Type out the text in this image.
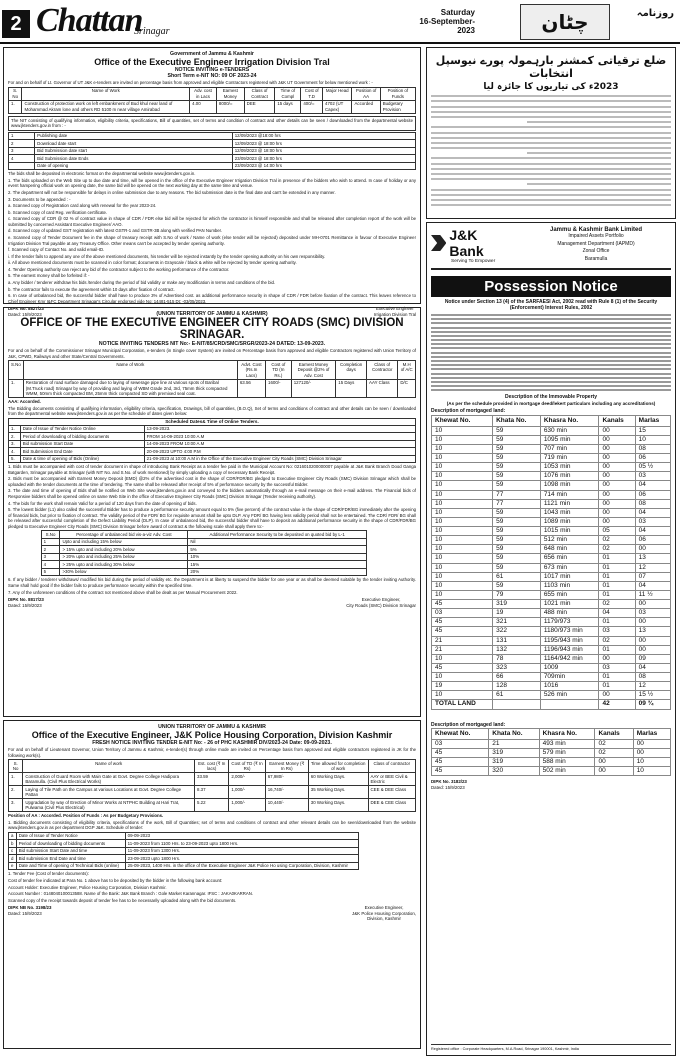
2 Chattan
Srinagar
Saturday
16-September-2023	چٹان	روزنامہ
Government of Jammu & Kashmir
Office of the Executive Engineer Irrigation Division Tral
NOTICE INVITING e-TENDERS
Short Term e-NIT NO: 09 OF 2023-24
For and on behalf of Lt. Governor of UT J&K e-tenders are invited on percentage basis from approved and eligible Contractors registered with J&K UT Government for below mentioned work : -
S. No	Name of Work	Adv. cost in Lacs	Earnest Money	Class of Contract	Time of Compl	Cost of T.D	Major Head	Position of AA	Position of Funds
1.	Construction of protection work on left embankment of Bud khul near land of Mohammad Akram lone and others RD 5100 m near village Amirabad	4.00	8000/=	DEE	15 days	400/=	4702 (UT Capex)	Accorded	Budgetary Provision
The NIT consisting of qualifying information, eligibility criteria, specifications, Bill of quantities, set of terms and condition of contract and other details can be seen / downloaded from the departmental website www.jktenders.gov.in from : -
1	Publishing date	12/09/2023 @18:00 hrs
2	Download date start	12/09/2023 @ 18:00 hrs
3	Bid Submission date start	12/09/2023 @ 18:00 hrs
4	Bid Submission date Ends	23/09/2023 @ 18:00 hrs
	Date of opening	23/09/2023 @ 14:00 hrs
The bids shall be deposited in electronic format on the departmental website www.jktenders.gov.in.
1. The bids uploaded on the Web Site up to due date and time, will be opened in the office of the Executive Engineer Irrigation Division Tral in presence of the bidders who wish to attend. In case of holiday or any event hampering official work on opening date, the same bid will be opened on the next working day at the same time and venue.
2. The department will not be responsible for delays in online submission due to any reasons. The bid submission date is the final date and can't be extended in any manner.
3. Documents to be appended : -
a. Scanned copy of Registration card along with renewal for the year 2023-24.
b. Scanned copy of card Reg. verification certificate.
c. Scanned copy of CDR @ 02 % of contract value in shape of CDR / FDR else bid will be rejected for which the contractor is himself responsible and shall be released after completion report of the work will be submitted by concerned Assistant Executive Engineer/ AAO.
d. Scanned copy of updated GST registration with latest GSTR-1 and GSTR-3B along with verified PAN Number.
e. Scanned copy of Tender Document fee in the shape of treasury receipt with S.No of work / Name of work (else tender will be rejected) deposited under MH-0701 Remittance in favour of Executive Engineer Irrigation Division Tral payable at any Treasury Office. Other means can't be accepted by tender opening authority.
f. Scanned copy of Contact No. and valid email-ID.
i. If the tender fails to append any one of the above mentioned documents, his tender will be rejected instantly by the tender opening authority on his own responsibility.
ii. All above mentioned documents must be scanned in color format; documents in Grayscale / black & white will be rejected by tender opening authority.
4. Tender Opening authority can reject any bid of the contractor subject to the working performance of the contractor.
5. The earnest money shall be forfeited if: -
a. Any bidder / tenderer withdraw his bids /tender during the period of bid validity or make any modification in terms and conditions of the bid.
b. The contractor fails to execute the agreement within 10 days after fixation of contract.
6. In case of unbalanced bid, the successful bidder shall have to produce 3% of Advertised cost. as additional performance security in shape of CDR / FDR before fixation of the contract. This leaves reference to Chief Engineer Kmr I&FC Department Srinagar's Circular endorsed vide No: 14481-515 Dt: -03/05/2023.
DIPK No. 8827/23
Dated: 15/9/2023
Executive Engineer
Irrigation Division Tral
(UNION TERRITORY OF JAMMU & KASHMIR)
OFFICE OF THE EXECUTIVE ENGINEER CITY ROADS (SMC) DIVISION SRINAGAR.
NOTICE INVITING TENDERS NIT No:- E-NIT/85/CRD/SMC/SRGR/2023-24 DATED: 13-09-2023.
For and on behalf of the Commissioner Srinagar Municipal Corporation, e-tenders (in Single cover System) are invited on Percentage basis from approved and eligible Contractors registered with Union Territory of J&K, CPWD, Railways and other State/Central Governments.
S.No	Name of Work	Advt. Cost (Rs.In Lacs)	Cost of TD (In Rs.)	Earnest Money Deposit @2% of Adv. Cost	Completion days	Class of Contractor	M.H of A/C
1.	Restoration of road surface damaged due to laying of sewerage pipe line at various spots of Baribal (M.Truck road) Srinagar by way of providing and laying of WBM Grade 2nd, 3rd, 75mm thick compacted WMM, 50mm thick compacted BM, 25mm thick compacted SD with premixed seal coat.	63.56	1600/-	127120/-	15 Days	AAY Class	D/C
AAA: Accorded.
The Bidding documents consisting of qualifying information, eligibility criteria, specification, Drawings, bill of quantities, (B.O.Q), Set of terms and conditions of contract and other details can be seen / downloaded from the departmental website www.jktenders.gov.in as per the schedule of dates given below:
Scheduled Dates& Time of Online Tenders.
1.	Date of Issue of Tender Notice Online	13-09-2023.
2.	Period of downloading of bidding documents	FROM 14-09-2023 10:00 A.M
3.	Bid submission Start Date	14-09-2023 FROM 10:00 A.M
4.	Bid Submission End Date	20-09-2023 UPTO 4:00 P.M
5.	Date & time of opening of Bids (Online)	21-09-2023 at 10:00 A.M in the Office of the Executive Engineer City Roads (SMC) Division Srinagar
1. Bids must be accompanied with cost of tender document in shape of introducing Bank Receipt as a tender fee paid in the Municipal Account No: 0216010200000007 payable at J&K Bank Branch Dood Ganga Batgarden, Srinagar payable at Srinagar (with NIT No. and S.No. of work mentioned) by simply uploading a copy of necessary Bank Receipt.
2. Bids must be accompanied with Earnest Money Deposit (EMD) @2% of the advertised cost in the shape of CDR/FDR/BG pledged to Executive Engineer City Roads (SMC) Division Srinagar which shall be uploaded with the tender documents at the time of tendering. The same shall be released after receipt of 5% of performance security by the successful Bidder.
3. The date and time of opening of Bids shall be notified on Web Site www.jktenders.gov.in and conveyed to the bidders automatically through an e-mail message on their e-mail address. The Financial bids of Responsive bidders shall be opened online on same Web Site in the office of Executive Engineer City Roads (SMC) Division Srinagar (Tender receiving authority).
4. The bids for the work shall remain Valid for a period of 120 days from the date of opening of bids.
5. The lowest bidder (L1) also called the successful Bidder has to produce a performance security amount equal to 5% (five percent) of the contract value in the shape of CDR/FDR/BG immediately after the opening of financial bids, but prior to fixation of contract. The validity period of the FDR/ BG for requisite amount shall be upto DLP. Any FDR/ BG having less validity period shall not be entertained. The CDR/ FDR/ BG shall be released after successful completion of the Defect Liability Period (DLP). In case of unbalanced bid, the successful bidder shall have to deposit an additional performance security in the shape of CDR/FDR/BG pledged to Executive Engineer City Roads (SMC) Division Srinagar before award of contract & the following scale shall apply there to:-
S.No	Percentage of unbalanced bid vis-a-viz Adv. Cost	Additional Performance Security to be deposited on quoted bid by L-1
1	Upto and including 15% below	Nil
2	> 15% upto and including 20% below	5%
3	> 20% upto and including 25% below	10%
4	> 25% upto and including 30% below	15%
5	>30% below	20%
6. If any bidder / tenderer withdraws/ modified his bid during the period of validity etc. the Department is at liberty to suspend the bidder for one year or as shall be deemed suitable by the tender inviting Authority. Same shall hold good if the bidder fails to produce performance security within the specified time.
7. Any of the unforeseen conditions of the contract not mentioned above shall be dealt as per Manual Procurement 2022.
DIPK No. 8817/23
Dated: 15/9/2023
Executive Engineer,
City Roads (SMC) Division Srinagar
UNION TERRITORY OF JAMMU & KASHMIR
Office of the Executive Engineer, J&K Police Housing Corporation, Division Kashmir
FRESH NOTICE INVITING TENDER E-NIT No: - 26 of PHC KASHMIR DIV/2023-24 Date: 09-09-2023.
For and on behalf of Lieutenant Governor, Union Territory of Jammu & Kashmir, e-tender(s) through online mode are invited on Percentage basis from approved and eligible contractors registered in JK for the following work(s).
S. No	Name of work	Est. cost (₹ In lacs)	Cost of TD (₹ In Rs)	Earnest Money (₹ In Rs)	Time allowed for completion of work	Class of contractor
1.	Construction of Guard Room with Main Gate at Govt. Degree College Hadipora Baramulla. (Civil Plus Electrical Works)	33.59	2,000/-	67,980/-	60 Working Days.	AAY or BEE Civil & Electric
2.	Laying of Tile Path on the Campus at various Locations at Govt. Degree College Pattan	8.37	1,000/-	16,740/-	35 Working Days.	CEE & DEE Class
3.	Upgradation by way of Erection of Minor Works at NTPHC Building at Hari Trat, Pulwama (Civil Plus Electrical)	5.22	1,000/-	10,440/-	30 Working Days.	DEE & CEE Class
Position of AA : Accorded. Position of Funds : As per Budgetary Provisions.
1. Bidding documents consisting of eligibility criteria, specifications of the work, Bill of Quantities; set of terms and conditions of contract and other relevant details can be seen/downloaded from the website www.jktenders.gov.in as per department DGP J&K. Schedule of tender:
a	Date of Issue of Tender Notice	09-09-2023
b	Period of downloading of bidding documents	11-09-2023 from 1100 Hrs. to 23-09-2023 upto 1800 Hrs.
c	Bid submission Start Date and time	11-09-2023 from 1300 Hrs.
d	Bid submission End Date and time	23-09-2023 upto 1800 Hrs.
e	Date and Time of opening of Technical Bids (online)	25-09-2023, 1400 Hrs. in the office of the Executive Engineer J&K Police Ho using Corporation, Division, Kashmir
1. Tender Fee (Cost of tender documents):
Cost of tender fee indicated at Para No. 1 above has to be deposited by the bidder in the following bank account:
Account Holder: Executive Engineer, Police Housing Corporation, Division Kashmir.
Account Number : 0148040100013588. Name of the Bank: J&K Bank Branch : Gole Market Karannagar. IFSC : JAKA0KARRAN.
Scanned copy of the receipt towards deposit of tender fee has to be necessarily uploaded along with the bid documents.
DIPK NB No. 3198/23
Dated: 15/9/2023
Executive Engineer,
J&K Police Housing Corporation,
Division, Kashmir
ضلع ترقیاتی کمشنر بارہمولہ پورے نیوسپل انتخابات
2023ء کی تیاریوں کا جائزہ لیا
J&K Bank
Serving To Empower
Jammu & Kashmir Bank Limited
Impaired Assets Portfolio
Management Department (IAPMD)
Zonal Office
Baramulla
Possession Notice
Notice under Section 13 (4) of the SARFAESI Act, 2002 read with Rule 8 (1) of the Security (Enforcement) Interest Rules, 2002
Description of the Immovable Property
(As per the schedule provided in mortgage deed/lekert particulars including any accreditations)
Description of mortgaged land:
Khewat No.	Khata No.	Khasra No.	Kanals	Marlas
10	59	630 min	00	15
10	59	1095 min	00	10
10	59	707 min	00	08
10	59	719 min	00	06
10	59	1053 min	00	05 ½
10	59	1076 min	00	03
10	59	1098 min	00	04
10	77	714 min	00	06
10	77	1121 min	00	08
10	59	1043 min	00	04
10	59	1089 min	00	03
10	59	1015 min	05	04
10	59	512 min	02	06
10	59	648 min	02	00
10	59	656 min	01	13
10	59	673 min	01	12
10	61	1017 min	01	07
10	59	1103 min	01	04
10	79	655 min	01	11 ½
45	319	1021 min	02	00
03	19	488 min	04	03
45	321	1179/973	01	00
45	322	1180/973 min	03	13
21	131	1195/943 min	02	00
21	132	1196/943 min	01	00
10	78	1164/942 min	00	09
45	323	1009	03	04
10	66	709min	01	08
19	128	1016	01	12
10	61	526 min	00	15 ½
TOTAL LAND			42	09 ¾
Description of mortgaged land:
Khewat No.	Khata No.	Khasra No.	Kanals	Marlas
03	21	493 min	02	00
45	319	579 min	02	00
45	319	588 min	00	10
45	320	502 min	00	10
DIPK No. 3182/23
Dated: 15/9/2023
Registered office : Corporate Headquarters, M.A.Road, Srinagar 190001, Kashmir, India
